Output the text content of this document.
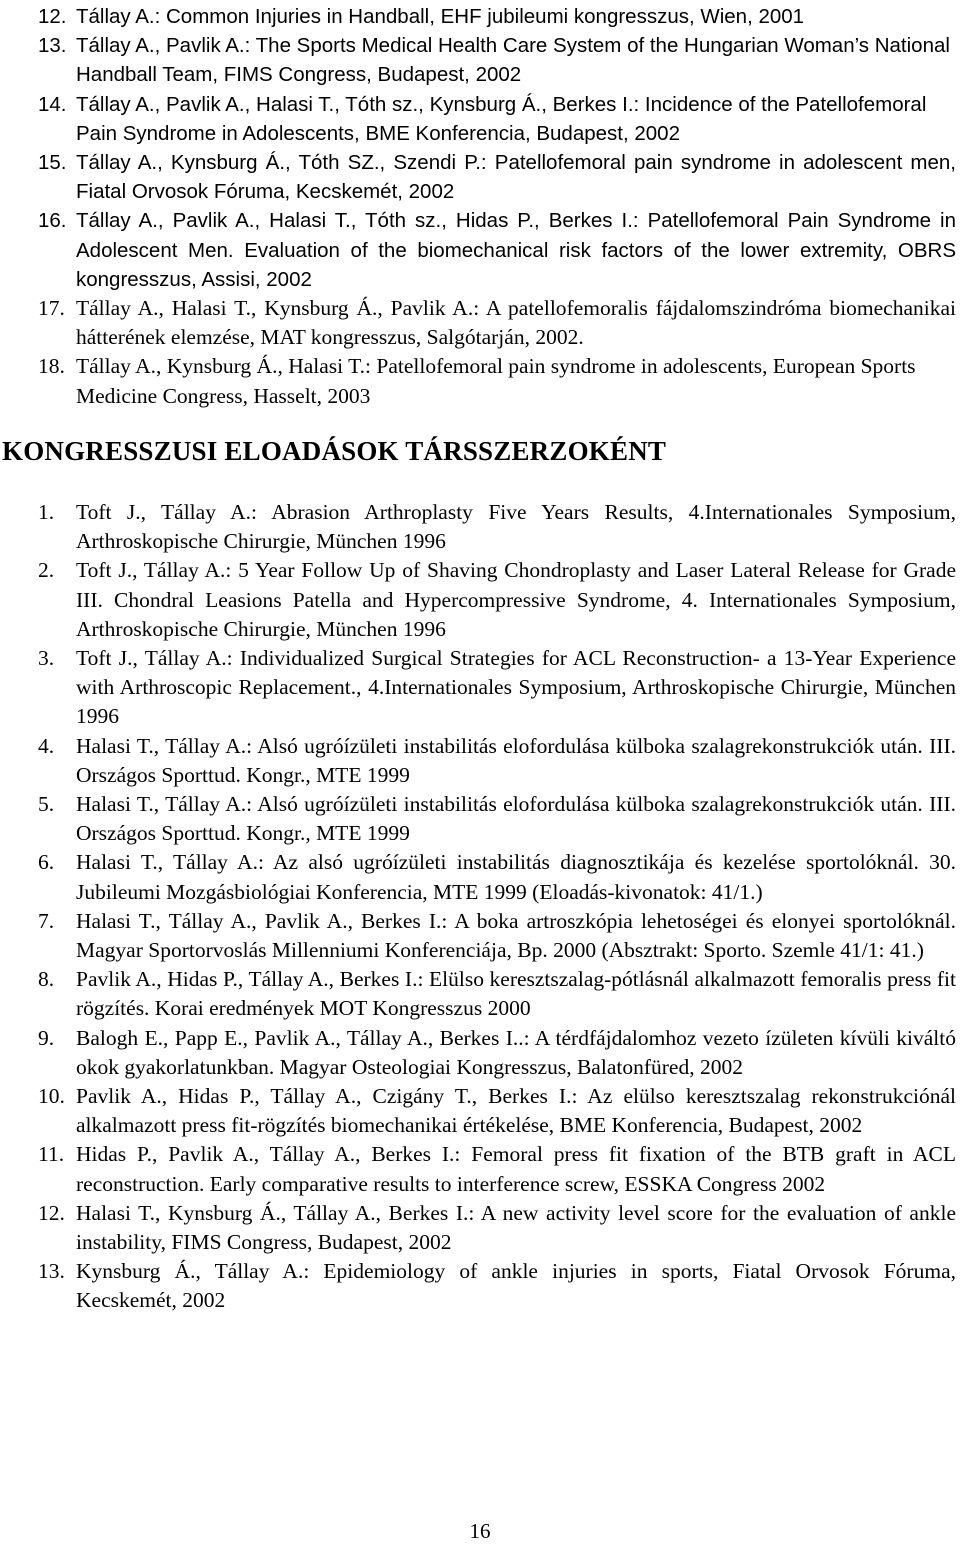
12. Tállay A.: Common Injuries in Handball, EHF jubileumi kongresszus, Wien, 2001
13. Tállay A., Pavlik A.: The Sports Medical Health Care System of the Hungarian Woman’s National Handball Team, FIMS Congress, Budapest, 2002
14. Tállay A., Pavlik A., Halasi T., Tóth sz., Kynsburg Á., Berkes I.: Incidence of the Patellofemoral Pain Syndrome in Adolescents, BME Konferencia, Budapest, 2002
15. Tállay A., Kynsburg Á., Tóth SZ., Szendi P.: Patellofemoral pain syndrome in adolescent men, Fiatal Orvosok Fóruma, Kecskemét, 2002
16. Tállay A., Pavlik A., Halasi T., Tóth sz., Hidas P., Berkes I.: Patellofemoral Pain Syndrome in Adolescent Men. Evaluation of the biomechanical risk factors of the lower extremity, OBRS kongresszus, Assisi, 2002
17. Tállay A., Halasi T., Kynsburg Á., Pavlik A.: A patellofemoralis fájdalomszindróma biomechanikai hátterének elemzése, MAT kongresszus, Salgótarján, 2002.
18. Tállay A., Kynsburg Á., Halasi T.: Patellofemoral pain syndrome in adolescents, European Sports Medicine Congress, Hasselt, 2003
KONGRESSZUSI ELOADÁSOK TÁRSSZERZOKÉNT
1.	Toft J., Tállay A.: Abrasion Arthroplasty Five Years Results, 4.Internationales Symposium, Arthroskopische Chirurgie, München 1996
2.	Toft J., Tállay A.: 5 Year Follow Up of Shaving Chondroplasty and Laser Lateral Release for Grade III. Chondral Leasions Patella and Hypercompressive Syndrome, 4. Internationales Symposium, Arthroskopische Chirurgie, München 1996
3.	Toft J., Tállay A.: Individualized Surgical Strategies for ACL Reconstruction- a 13-Year Experience with Arthroscopic Replacement., 4.Internationales Symposium, Arthroskopische Chirurgie, München 1996
4.	Halasi T., Tállay A.: Alsó ugróízületi instabilitás elofordulása külboka szalagrekonstrukciók után. III. Országos Sporttud. Kongr., MTE 1999
5.	Halasi T., Tállay A.: Alsó ugróízületi instabilitás elofordulása külboka szalagrekonstrukciók után. III. Országos Sporttud. Kongr., MTE 1999
6.	Halasi T., Tállay A.: Az alsó ugróízületi instabilitás diagnosztikája és kezelése sportolóknál. 30. Jubileumi Mozgásbiológiai Konferencia, MTE 1999 (Eloadás-kivonatok: 41/1.)
7.	Halasi T., Tállay A., Pavlik A., Berkes I.: A boka artroszkópia lehetoségei és elonyei sportolóknál. Magyar Sportorvoslás Millenniumi Konferenciája, Bp. 2000 (Absztrakt: Sporto. Szemle 41/1: 41.)
8.	Pavlik A., Hidas P., Tállay A., Berkes I.: Elülso keresztszalag-pótlásnál alkalmazott femoralis press fit rögzítés. Korai eredmények MOT Kongresszus 2000
9.	Balogh E., Papp E., Pavlik A., Tállay A., Berkes I..: A térdfájdalomhoz vezeto ízületen kívüli kiváltó okok gyakorlatunkban. Magyar Osteologiai Kongresszus, Balatonfüred, 2002
10. Pavlik A., Hidas P., Tállay A., Czigány T., Berkes I.: Az elülso keresztszalag rekonstrukciónál alkalmazott press fit-rögzítés biomechanikai értékelése, BME Konferencia, Budapest, 2002
11. Hidas P., Pavlik A., Tállay A., Berkes I.: Femoral press fit fixation of the BTB graft in ACL reconstruction. Early comparative results to interference screw, ESSKA Congress 2002
12. Halasi T., Kynsburg Á., Tállay A., Berkes I.: A new activity level score for the evaluation of ankle instability, FIMS Congress, Budapest, 2002
13. Kynsburg Á., Tállay A.: Epidemiology of ankle injuries in sports, Fiatal Orvosok Fóruma, Kecskemét, 2002
16
